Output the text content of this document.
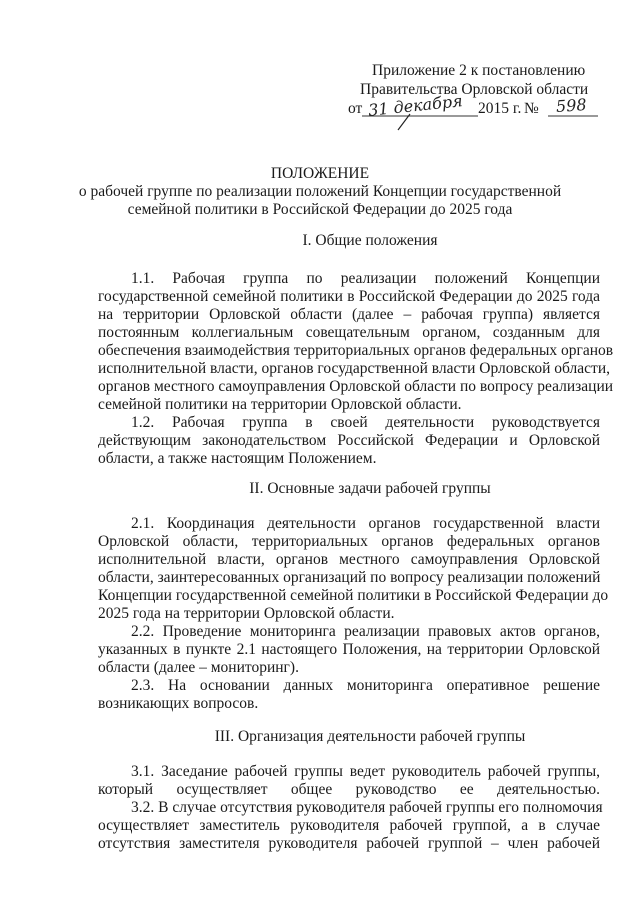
Приложение 2 к постановлению
Правительства Орловской области
от 31 декабря 2015 г. № 598
ПОЛОЖЕНИЕ
о рабочей группе по реализации положений Концепции государственной
семейной политики в Российской Федерации до 2025 года
I. Общие положения
1.1. Рабочая группа по реализации положений Концепции
государственной семейной политики в Российской Федерации до 2025 года
на территории Орловской области (далее – рабочая группа) является
постоянным коллегиальным совещательным органом, созданным для
обеспечения взаимодействия территориальных органов федеральных органов
исполнительной власти, органов государственной власти Орловской области,
органов местного самоуправления Орловской области по вопросу реализации
семейной политики на территории Орловской области.
1.2. Рабочая группа в своей деятельности руководствуется
действующим законодательством Российской Федерации и Орловской
области, а также настоящим Положением.
II. Основные задачи рабочей группы
2.1. Координация деятельности органов государственной власти
Орловской области, территориальных органов федеральных органов
исполнительной власти, органов местного самоуправления Орловской
области, заинтересованных организаций по вопросу реализации положений
Концепции государственной семейной политики в Российской Федерации до
2025 года на территории Орловской области.
2.2. Проведение мониторинга реализации правовых актов органов,
указанных в пункте 2.1 настоящего Положения, на территории Орловской
области (далее – мониторинг).
2.3. На основании данных мониторинга оперативное решение
возникающих вопросов.
III. Организация деятельности рабочей группы
3.1. Заседание рабочей группы ведет руководитель рабочей группы,
который осуществляет общее руководство ее деятельностью.
3.2. В случае отсутствия руководителя рабочей группы его полномочия
осуществляет заместитель руководителя рабочей группой, а в случае
отсутствия заместителя руководителя рабочей группой – член рабочей
